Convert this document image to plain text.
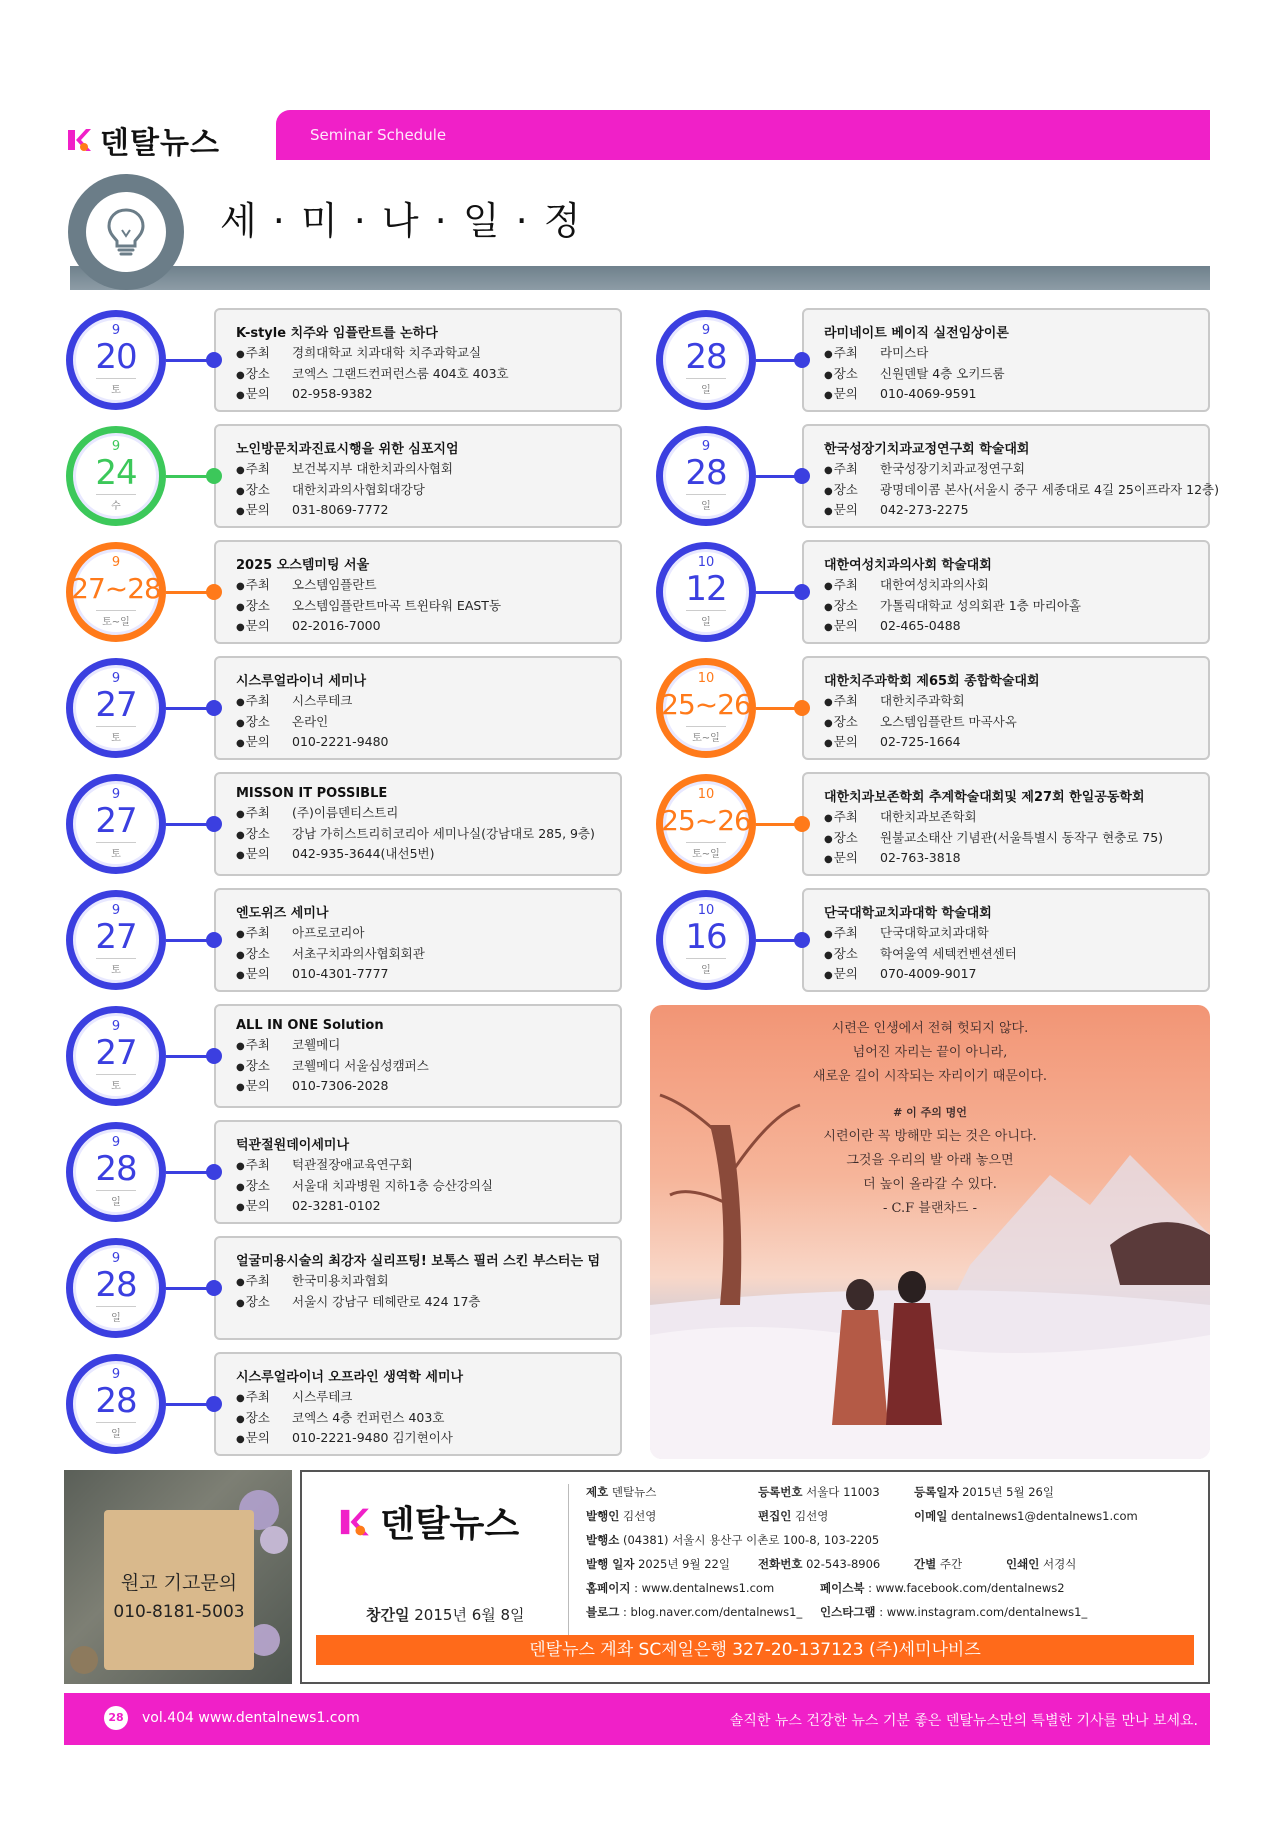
덴탈뉴스	Seminar Schedule
세 · 미 · 나 · 일 · 정
9
20
토
K-style 치주와 임플란트를 논하다
● 주최 경희대학교 치과대학 치주과학교실
● 장소 코엑스 그랜드컨퍼런스룸 404호 403호
● 문의 02-958-9382
9
24
수
노인방문치과진료시행을 위한 심포지엄
● 주최 보건복지부 대한치과의사협회
● 장소 대한치과의사협회대강당
● 문의 031-8069-7772
9
27~28
토~일
2025 오스템미팅 서울
● 주최 오스템임플란트
● 장소 오스템임플란트마곡 트윈타워 EAST동
● 문의 02-2016-7000
9
27
토
시스루얼라이너 세미나
● 주최 시스루테크
● 장소 온라인
● 문의 010-2221-9480
9
27
토
MISSON IT POSSIBLE
● 주최 (주)이름덴티스트리
● 장소 강남 가히스트리히코리아 세미나실(강남대로 285, 9층)
● 문의 042-935-3644(내선5번)
9
27
토
엔도위즈 세미나
● 주최 아프로코리아
● 장소 서초구치과의사협회회관
● 문의 010-4301-7777
9
27
토
ALL IN ONE Solution
● 주최 코웰메디
● 장소 코웰메디 서울심성캠퍼스
● 문의 010-7306-2028
9
28
일
턱관절원데이세미나
● 주최 턱관절장애교육연구회
● 장소 서울대 치과병원 지하1층 승산강의실
● 문의 02-3281-0102
9
28
일
얼굴미용시술의 최강자 실리프팅! 보톡스 필러 스킨 부스터는 덤
● 주최 한국미용치과협회
● 장소 서울시 강남구 테헤란로 424 17층
9
28
일
시스루얼라이너 오프라인 생역학 세미나
● 주최 시스루테크
● 장소 코엑스 4층 컨퍼런스 403호
● 문의 010-2221-9480 김기현이사
9
28
일
라미네이트 베이직 실전임상이론
● 주최 라미스타
● 장소 신원덴탈 4층 오키드룸
● 문의 010-4069-9591
9
28
일
한국성장기치과교정연구회 학술대회
● 주최 한국성장기치과교정연구회
● 장소 광명데이콤 본사(서울시 중구 세종대로 4길 25이프라자 12층)
● 문의 042-273-2275
10
12
일
대한여성치과의사회 학술대회
● 주최 대한여성치과의사회
● 장소 가톨릭대학교 성의회관 1층 마리아홀
● 문의 02-465-0488
10
25~26
토~일
대한치주과학회 제65회 종합학술대회
● 주최 대한치주과학회
● 장소 오스템임플란트 마곡사옥
● 문의 02-725-1664
10
25~26
토~일
대한치과보존학회 추계학술대회및 제27회 한일공동학회
● 주최 대한치과보존학회
● 장소 원불교소태산 기념관(서울특별시 동작구 현충로 75)
● 문의 02-763-3818
10
16
일
단국대학교치과대학 학술대회
● 주최 단국대학교치과대학
● 장소 학여울역 세텍컨벤션센터
● 문의 070-4009-9017
시련은 인생에서 전혀 헛되지 않다.
넘어진 자리는 끝이 아니라,
새로운 길이 시작되는 자리이기 때문이다.
# 이 주의 명언
시련이란 꼭 방해만 되는 것은 아니다.
그것을 우리의 발 아래 놓으면
더 높이 올라갈 수 있다.
- C.F 블랜차드 -
원고 기고문의
010-8181-5003
덴탈뉴스
창간일 2015년 6월 8일
제호 덴탈뉴스	등록번호 서울다 11003	등록일자 2015년 5월 26일
발행인 김선영	편집인 김선영	이메일 dentalnews1@dentalnews1.com
발행소 (04381) 서울시 용산구 이촌로 100-8, 103-2205
발행 일자 2025년 9월 22일 전화번호 02-543-8906	간별 주간	인쇄인 서경식
홈페이지 : www.dentalnews1.com	페이스북 : www.facebook.com/dentalnews2
블로그 : blog.naver.com/dentalnews1_ 인스타그램 : www.instagram.com/dentalnews1_
덴탈뉴스 계좌 SC제일은행 327-20-137123 (주)세미나비즈
28	vol.404 www.dentalnews1.com	솔직한 뉴스 건강한 뉴스 기분 좋은 덴탈뉴스만의 특별한 기사를 만나 보세요.
